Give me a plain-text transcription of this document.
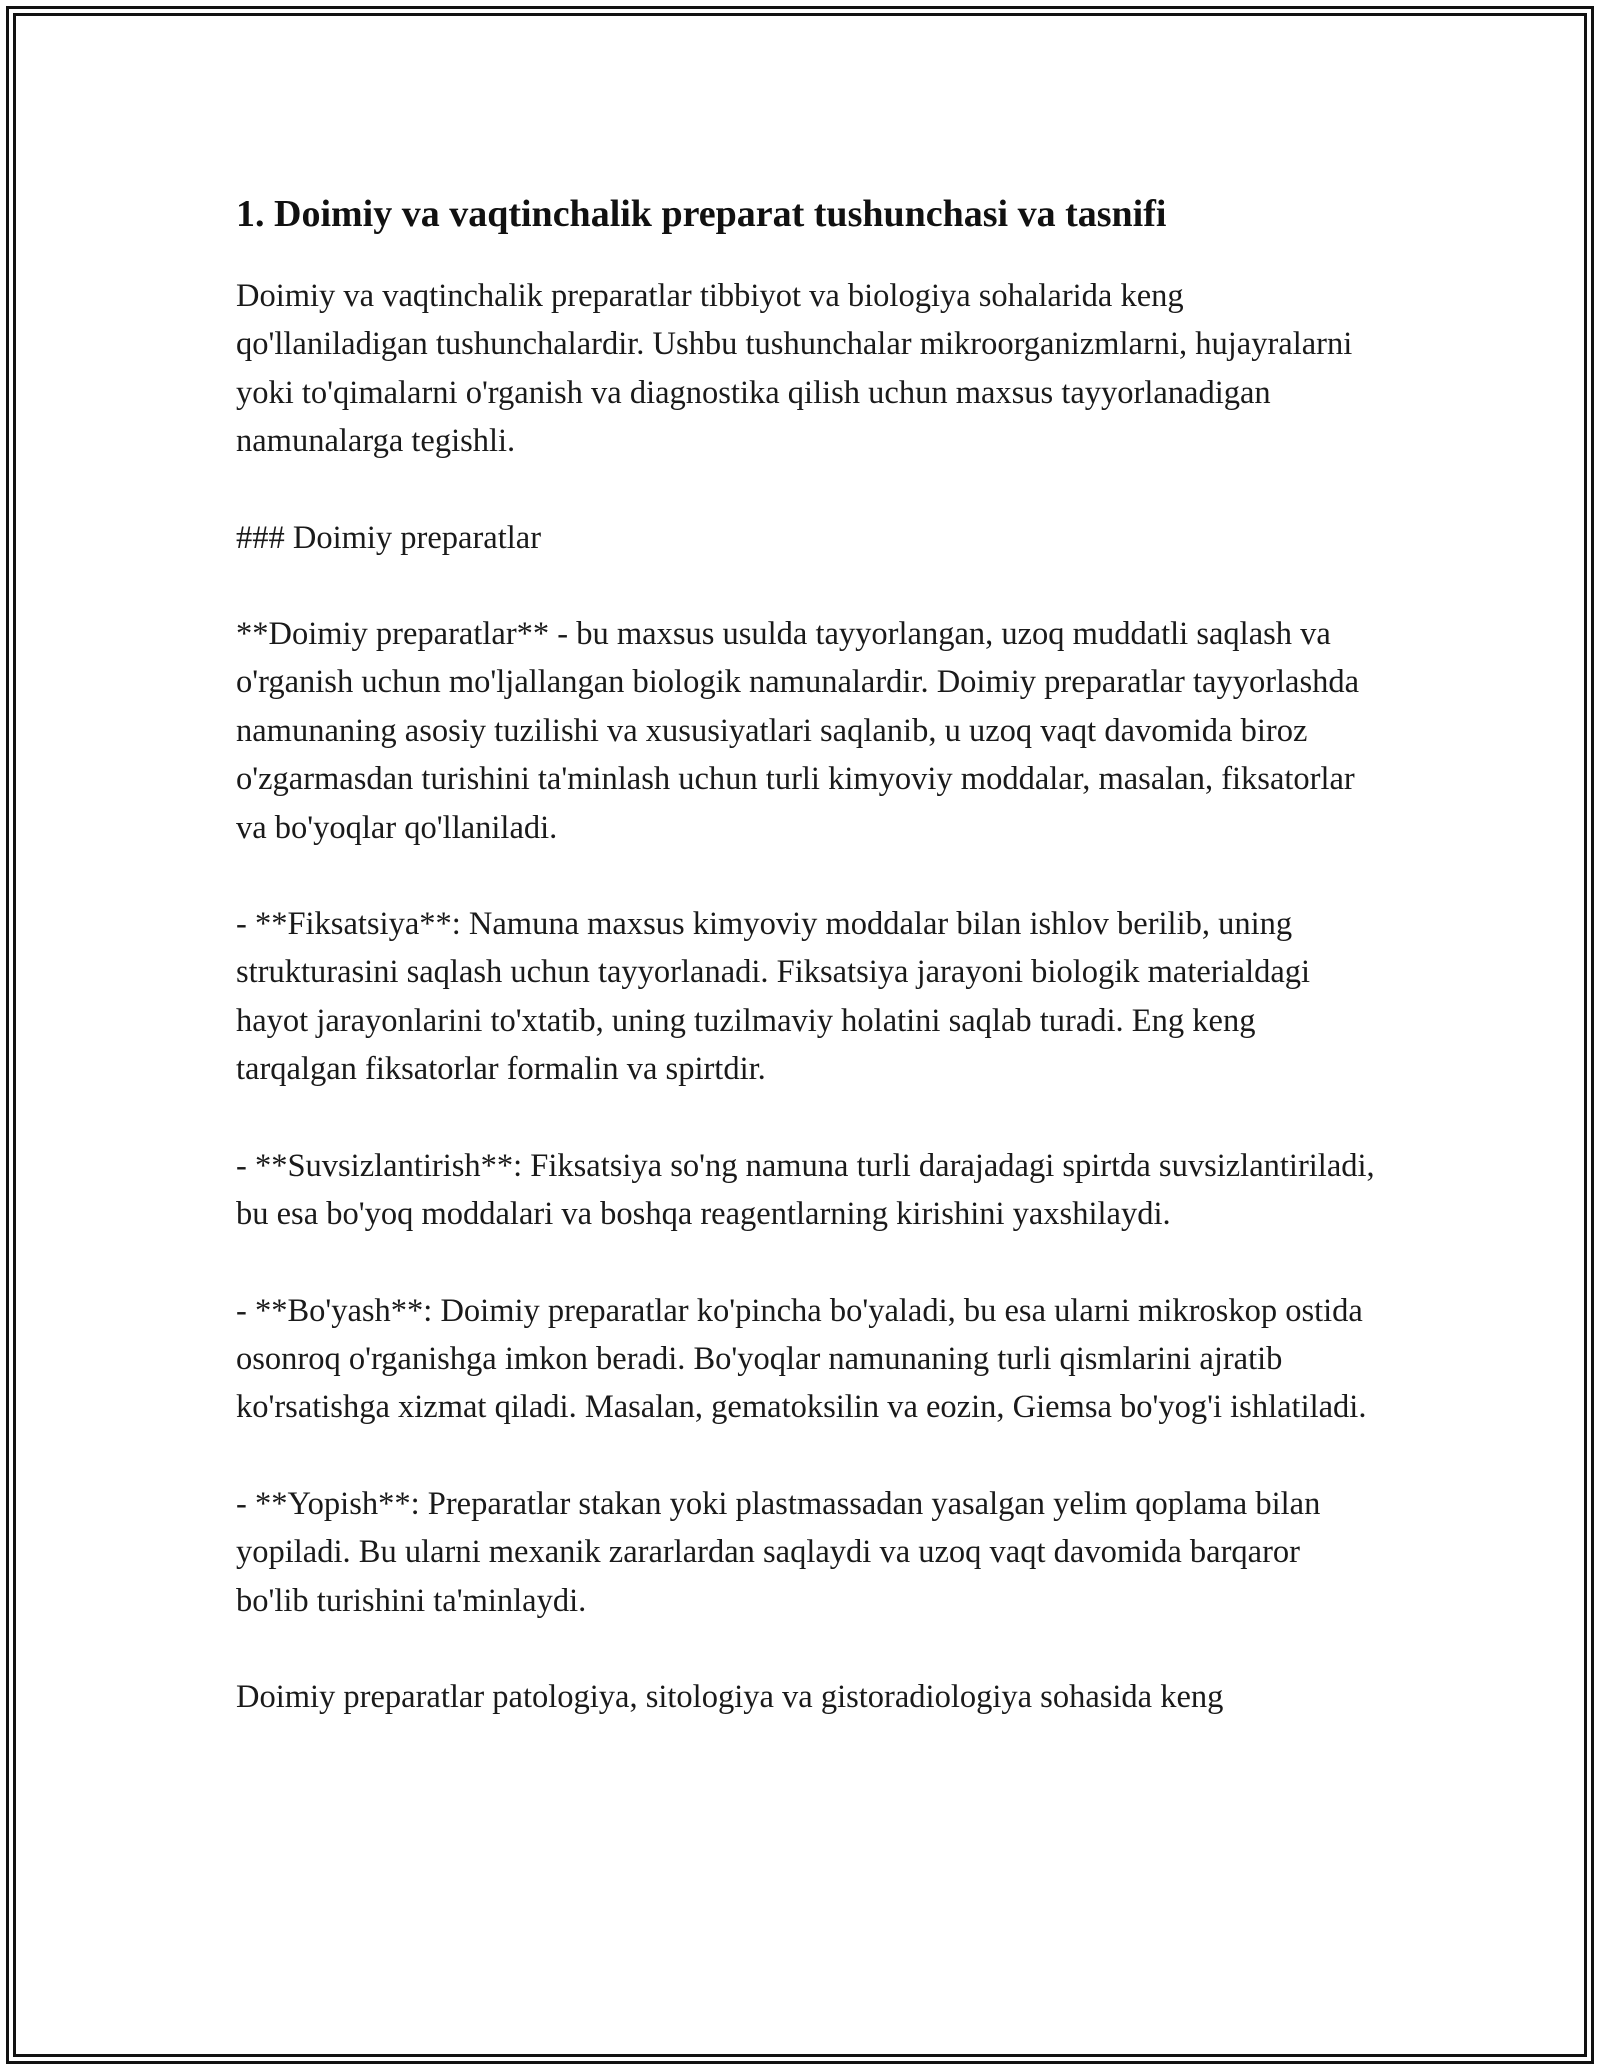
1. Doimiy va vaqtinchalik preparat tushunchasi va tasnifi

Doimiy va vaqtinchalik preparatlar tibbiyot va biologiya sohalarida keng qo'llaniladigan tushunchalardir. Ushbu tushunchalar mikroorganizmlarni, hujayralarni yoki to'qimalarni o'rganish va diagnostika qilish uchun maxsus tayyorlanadigan namunalarga tegishli.

### Doimiy preparatlar

**Doimiy preparatlar** - bu maxsus usulda tayyorlangan, uzoq muddatli saqlash va o'rganish uchun mo'ljallangan biologik namunalardir. Doimiy preparatlar tayyorlashda namunaning asosiy tuzilishi va xususiyatlari saqlanib, u uzoq vaqt davomida biroz o'zgarmasdan turishini ta'minlash uchun turli kimyoviy moddalar, masalan, fiksatorlar va bo'yoqlar qo'llaniladi.

- **Fiksatsiya**: Namuna maxsus kimyoviy moddalar bilan ishlov berilib, uning strukturasini saqlash uchun tayyorlanadi. Fiksatsiya jarayoni biologik materialdagi hayot jarayonlarini to'xtatib, uning tuzilmaviy holatini saqlab turadi. Eng keng tarqalgan fiksatorlar formalin va spirtdir.

- **Suvsizlantirish**: Fiksatsiya so'ng namuna turli darajadagi spirtda suvsizlantiriladi, bu esa bo'yoq moddalari va boshqa reagentlarning kirishini yaxshilaydi.

- **Bo'yash**: Doimiy preparatlar ko'pincha bo'yaladi, bu esa ularni mikroskop ostida osonroq o'rganishga imkon beradi. Bo'yoqlar namunaning turli qismlarini ajratib ko'rsatishga xizmat qiladi. Masalan, gematoksilin va eozin, Giemsa bo'yog'i ishlatiladi.

- **Yopish**: Preparatlar stakan yoki plastmassadan yasalgan yelim qoplama bilan yopiladi. Bu ularni mexanik zararlardan saqlaydi va uzoq vaqt davomida barqaror bo'lib turishini ta'minlaydi.

Doimiy preparatlar patologiya, sitologiya va gistoradiologiya sohasida keng
